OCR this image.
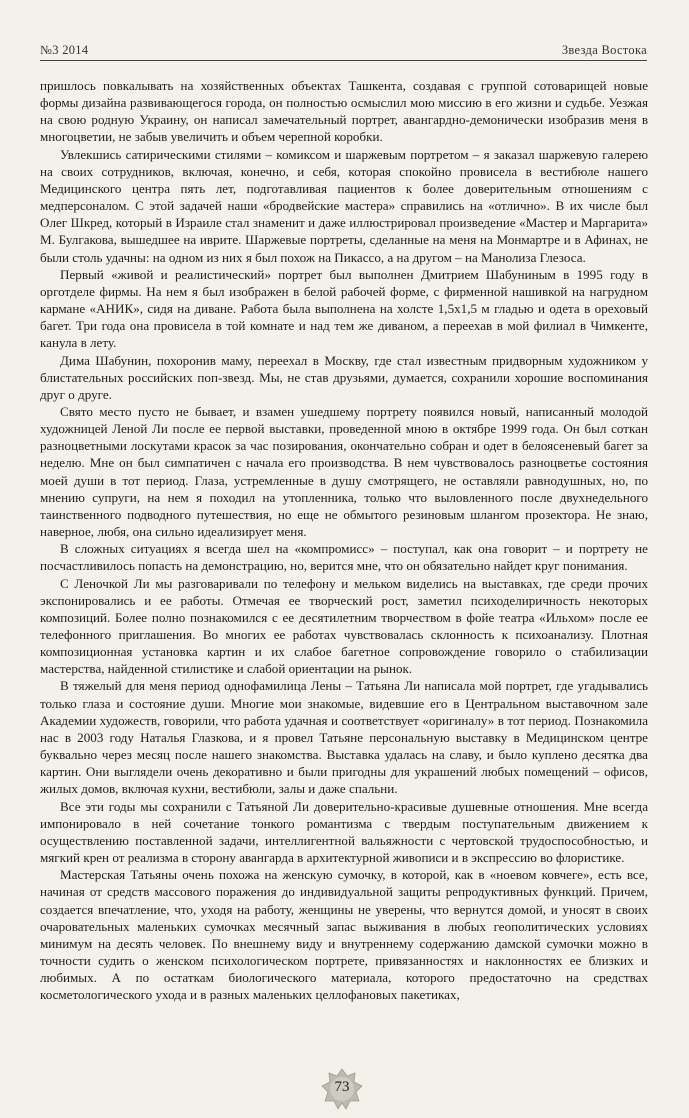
№3 2014	Звезда Востока

пришлось повкалывать на хозяйственных объектах Ташкента, создавая с группой сотоварищей новые формы дизайна развивающегося города, он полностью осмыслил мою миссию в его жизни и судьбе. Уезжая на свою родную Украину, он написал замечательный портрет, авангардно-демонически изобразив меня в многоцветии, не забыв увеличить и объем черепной коробки.

Увлекшись сатирическими стилями – комиксом и шаржевым портретом – я заказал шаржевую галерею на своих сотрудников, включая, конечно, и себя, которая спокойно провисела в вестибюле нашего Медицинского центра пять лет, подготавливая пациентов к более доверительным отношениям с медперсоналом. С этой задачей наши «бродвейские мастера» справились на «отлично». В их числе был Олег Шкред, который в Израиле стал знаменит и даже иллюстрировал произведение «Мастер и Маргарита» М. Булгакова, вышедшее на иврите. Шаржевые портреты, сделанные на меня на Монмартре и в Афинах, не были столь удачны: на одном из них я был похож на Пикассо, а на другом – на Манолиза Глезоса.

Первый «живой и реалистический» портрет был выполнен Дмитрием Шабуниным в 1995 году в орготделе фирмы. На нем я был изображен в белой рабочей форме, с фирменной нашивкой на нагрудном кармане «АНИК», сидя на диване. Работа была выполнена на холсте 1,5х1,5 м гладью и одета в ореховый багет. Три года она провисела в той комнате и над тем же диваном, а переехав в мой филиал в Чимкенте, канула в лету.

Дима Шабунин, похоронив маму, переехал в Москву, где стал известным придворным художником у блистательных российских поп-звезд. Мы, не став друзьями, думается, сохранили хорошие воспоминания друг о друге.

Свято место пусто не бывает, и взамен ушедшему портрету появился новый, написанный молодой художницей Леной Ли после ее первой выставки, проведенной мною в октябре 1999 года. Он был соткан разноцветными лоскутами красок за час позирования, окончательно собран и одет в белоясеневый багет за неделю. Мне он был симпатичен с начала его производства. В нем чувствовалось разноцветье состояния моей души в тот период. Глаза, устремленные в душу смотрящего, не оставляли равнодушных, но, по мнению супруги, на нем я походил на утопленника, только что выловленного после двухнедельного таинственного подводного путешествия, но еще не обмытого резиновым шлангом прозектора. Не знаю, наверное, любя, она сильно идеализирует меня.

В сложных ситуациях я всегда шел на «компромисс» – поступал, как она говорит – и портрету не посчастливилось попасть на демонстрацию, но, верится мне, что он обязательно найдет круг понимания.

С Леночкой Ли мы разговаривали по телефону и мельком виделись на выставках, где среди прочих экспонировались и ее работы. Отмечая ее творческий рост, заметил психоделиричность некоторых композиций. Более полно познакомился с ее десятилетним творчеством в фойе театра «Ильхом» после ее телефонного приглашения. Во многих ее работах чувствовалась склонность к психоанализу. Плотная композиционная установка картин и их слабое багетное сопровождение говорило о стабилизации мастерства, найденной стилистике и слабой ориентации на рынок.

В тяжелый для меня период однофамилица Лены – Татьяна Ли написала мой портрет, где угадывались только глаза и состояние души. Многие мои знакомые, видевшие его в Центральном выставочном зале Академии художеств, говорили, что работа удачная и соответствует «оригиналу» в тот период. Познакомила нас в 2003 году Наталья Глазкова, и я провел Татьяне персональную выставку в Медицинском центре буквально через месяц после нашего знакомства. Выставка удалась на славу, и было куплено десятка два картин. Они выглядели очень декоративно и были пригодны для украшений любых помещений – офисов, жилых домов, включая кухни, вестибюли, залы и даже спальни.

Все эти годы мы сохранили с Татьяной Ли доверительно-красивые душевные отношения. Мне всегда импонировало в ней сочетание тонкого романтизма с твердым поступательным движением к осуществлению поставленной задачи, интеллигентной вальяжности с чертовской трудоспособностью, и мягкий крен от реализма в сторону авангарда в архитектурной живописи и в экспрессию во флористике.

Мастерская Татьяны очень похожа на женскую сумочку, в которой, как в «ноевом ковчеге», есть все, начиная от средств массового поражения до индивидуальной защиты репродуктивных функций. Причем, создается впечатление, что, уходя на работу, женщины не уверены, что вернутся домой, и уносят в своих очаровательных маленьких сумочках месячный запас выживания в любых геополитических условиях минимум на десять человек. По внешнему виду и внутреннему содержанию дамской сумочки можно в точности судить о женском психологическом портрете, привязанностях и наклонностях ее близких и любимых. А по остаткам биологического материала, которого предостаточно на средствах косметологического ухода и в разных маленьких целлофановых пакетиках,

73
